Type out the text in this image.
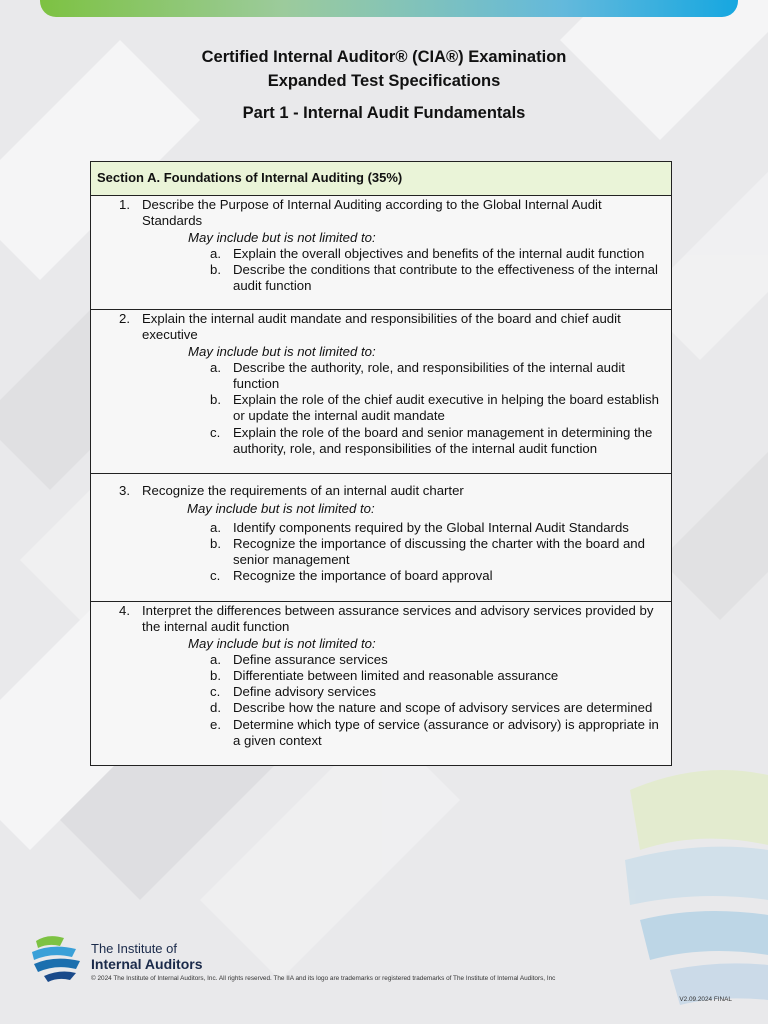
Certified Internal Auditor® (CIA®) Examination
Expanded Test Specifications
Part 1 - Internal Audit Fundamentals
Section A. Foundations of Internal Auditing (35%)
1. Describe the Purpose of Internal Auditing according to the Global Internal Audit Standards
May include but is not limited to:
a. Explain the overall objectives and benefits of the internal audit function
b. Describe the conditions that contribute to the effectiveness of the internal audit function
2. Explain the internal audit mandate and responsibilities of the board and chief audit executive
May include but is not limited to:
a. Describe the authority, role, and responsibilities of the internal audit function
b. Explain the role of the chief audit executive in helping the board establish or update the internal audit mandate
c. Explain the role of the board and senior management in determining the authority, role, and responsibilities of the internal audit function
3. Recognize the requirements of an internal audit charter
May include but is not limited to:
a. Identify components required by the Global Internal Audit Standards
b. Recognize the importance of discussing the charter with the board and senior management
c. Recognize the importance of board approval
4. Interpret the differences between assurance services and advisory services provided by the internal audit function
May include but is not limited to:
a. Define assurance services
b. Differentiate between limited and reasonable assurance
c. Define advisory services
d. Describe how the nature and scope of advisory services are determined
e. Determine which type of service (assurance or advisory) is appropriate in a given context
The Institute of
Internal Auditors
© 2024 The Institute of Internal Auditors, Inc. All rights reserved. The IIA and its logo are trademarks or registered trademarks of The Institute of Internal Auditors, Inc
V2.09.2024 FINAL
